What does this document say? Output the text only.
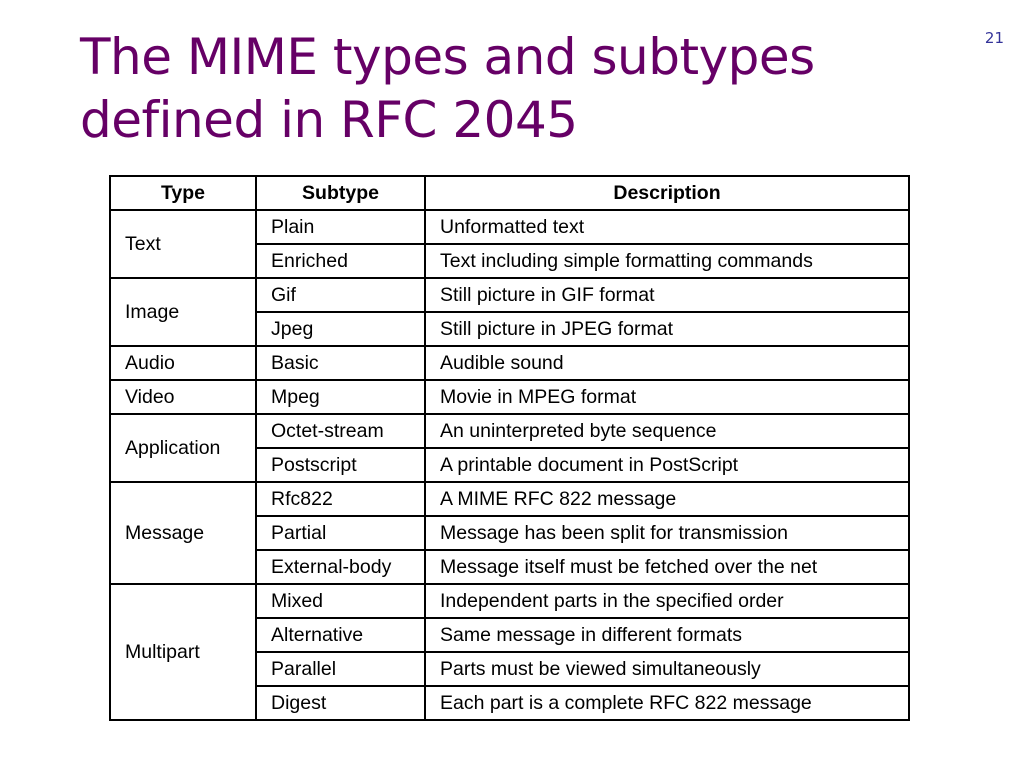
The MIME types and subtypes defined in RFC 2045
21
Type	Subtype	Description
Text	Plain	Unformatted text
	Enriched	Text including simple formatting commands
Image	Gif	Still picture in GIF format
	Jpeg	Still picture in JPEG format
Audio	Basic	Audible sound
Video	Mpeg	Movie in MPEG format
Application	Octet-stream	An uninterpreted byte sequence
	Postscript	A printable document in PostScript
Message	Rfc822	A MIME RFC 822 message
	Partial	Message has been split for transmission
	External-body	Message itself must be fetched over the net
Multipart	Mixed	Independent parts in the specified order
	Alternative	Same message in different formats
	Parallel	Parts must be viewed simultaneously
	Digest	Each part is a complete RFC 822 message
